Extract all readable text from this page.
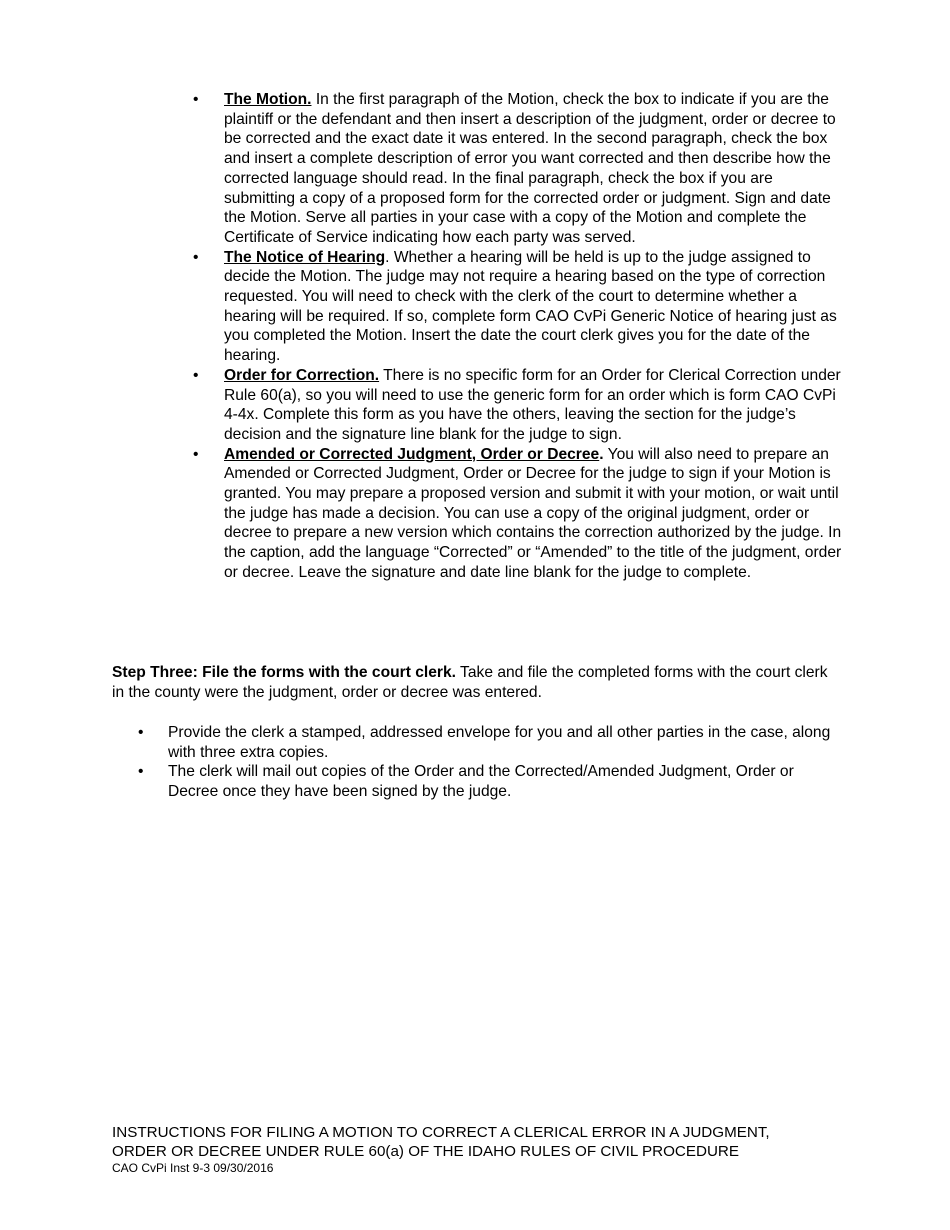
•	The Motion. In the first paragraph of the Motion, check the box to indicate if you are the plaintiff or the defendant and then insert a description of the judgment, order or decree to be corrected and the exact date it was entered. In the second paragraph, check the box and insert a complete description of error you want corrected and then describe how the corrected language should read. In the final paragraph, check the box if you are submitting a copy of a proposed form for the corrected order or judgment. Sign and date the Motion. Serve all parties in your case with a copy of the Motion and complete the Certificate of Service indicating how each party was served.
•	The Notice of Hearing. Whether a hearing will be held is up to the judge assigned to decide the Motion. The judge may not require a hearing based on the type of correction requested. You will need to check with the clerk of the court to determine whether a hearing will be required. If so, complete form CAO CvPi Generic Notice of hearing just as you completed the Motion. Insert the date the court clerk gives you for the date of the hearing.
•	Order for Correction. There is no specific form for an Order for Clerical Correction under Rule 60(a), so you will need to use the generic form for an order which is form CAO CvPi 4-4x. Complete this form as you have the others, leaving the section for the judge’s decision and the signature line blank for the judge to sign.
•	Amended or Corrected Judgment, Order or Decree. You will also need to prepare an Amended or Corrected Judgment, Order or Decree for the judge to sign if your Motion is granted. You may prepare a proposed version and submit it with your motion, or wait until the judge has made a decision. You can use a copy of the original judgment, order or decree to prepare a new version which contains the correction authorized by the judge. In the caption, add the language “Corrected” or “Amended” to the title of the judgment, order or decree. Leave the signature and date line blank for the judge to complete.

Step Three: File the forms with the court clerk. Take and file the completed forms with the court clerk in the county were the judgment, order or decree was entered.

•	Provide the clerk a stamped, addressed envelope for you and all other parties in the case, along with three extra copies.
•	The clerk will mail out copies of the Order and the Corrected/Amended Judgment, Order or Decree once they have been signed by the judge.
INSTRUCTIONS FOR FILING A MOTION TO CORRECT A CLERICAL ERROR IN A JUDGMENT,
ORDER OR DECREE UNDER RULE 60(a) OF THE IDAHO RULES OF CIVIL PROCEDURE
CAO CvPi Inst 9-3 09/30/2016
